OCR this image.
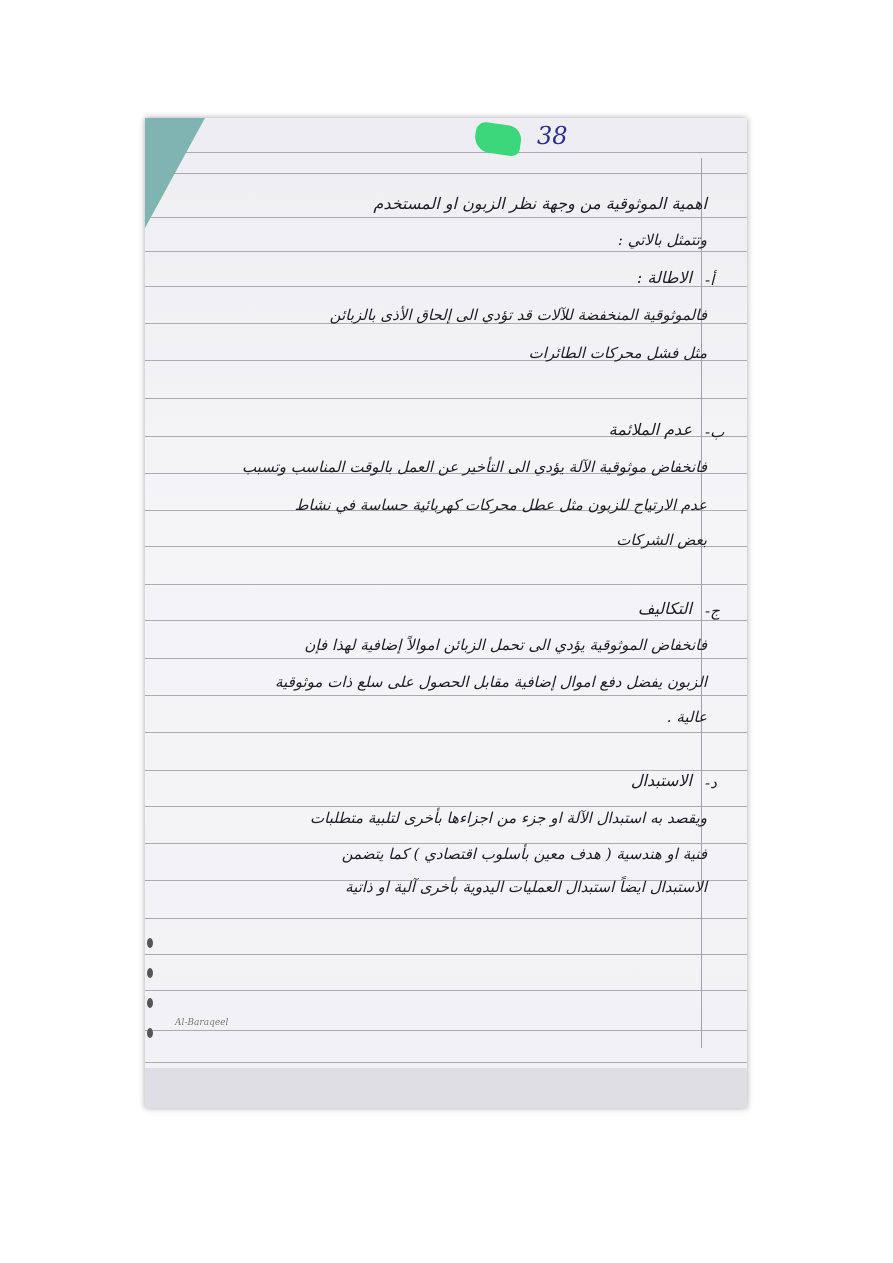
38
Al-Baraqeel
اهمية الموثوقية من وجهة نظر الزبون او المستخدم
وتتمثل بالاتي :
أ-
الاطالة :
فالموثوقية المنخفضة للآلات قد تؤدي الى إلحاق الأذى بالزبائن
مثل فشل محركات الطائرات
ب-
عدم الملائمة
فانخفاض موثوقية الآلة يؤدي الى التأخير عن العمل بالوقت المناسب وتسبب
عدم الارتياح للزبون مثل عطل محركات كهربائية حساسة في نشاط
بعض الشركات
ج-
التكاليف
فانخفاض الموثوقية يؤدي الى تحمل الزبائن اموالاً إضافية لهذا فإن
الزبون يفضل دفع اموال إضافية مقابل الحصول على سلع ذات موثوقية
عالية .
د-
الاستبدال
ويقصد به استبدال الآلة او جزء من اجزاءها بأخرى لتلبية متطلبات
فنية او هندسية ( هدف معين بأسلوب اقتصادي ) كما يتضمن
الاستبدال ايضاً استبدال العمليات اليدوية بأخرى آلية او ذاتية
